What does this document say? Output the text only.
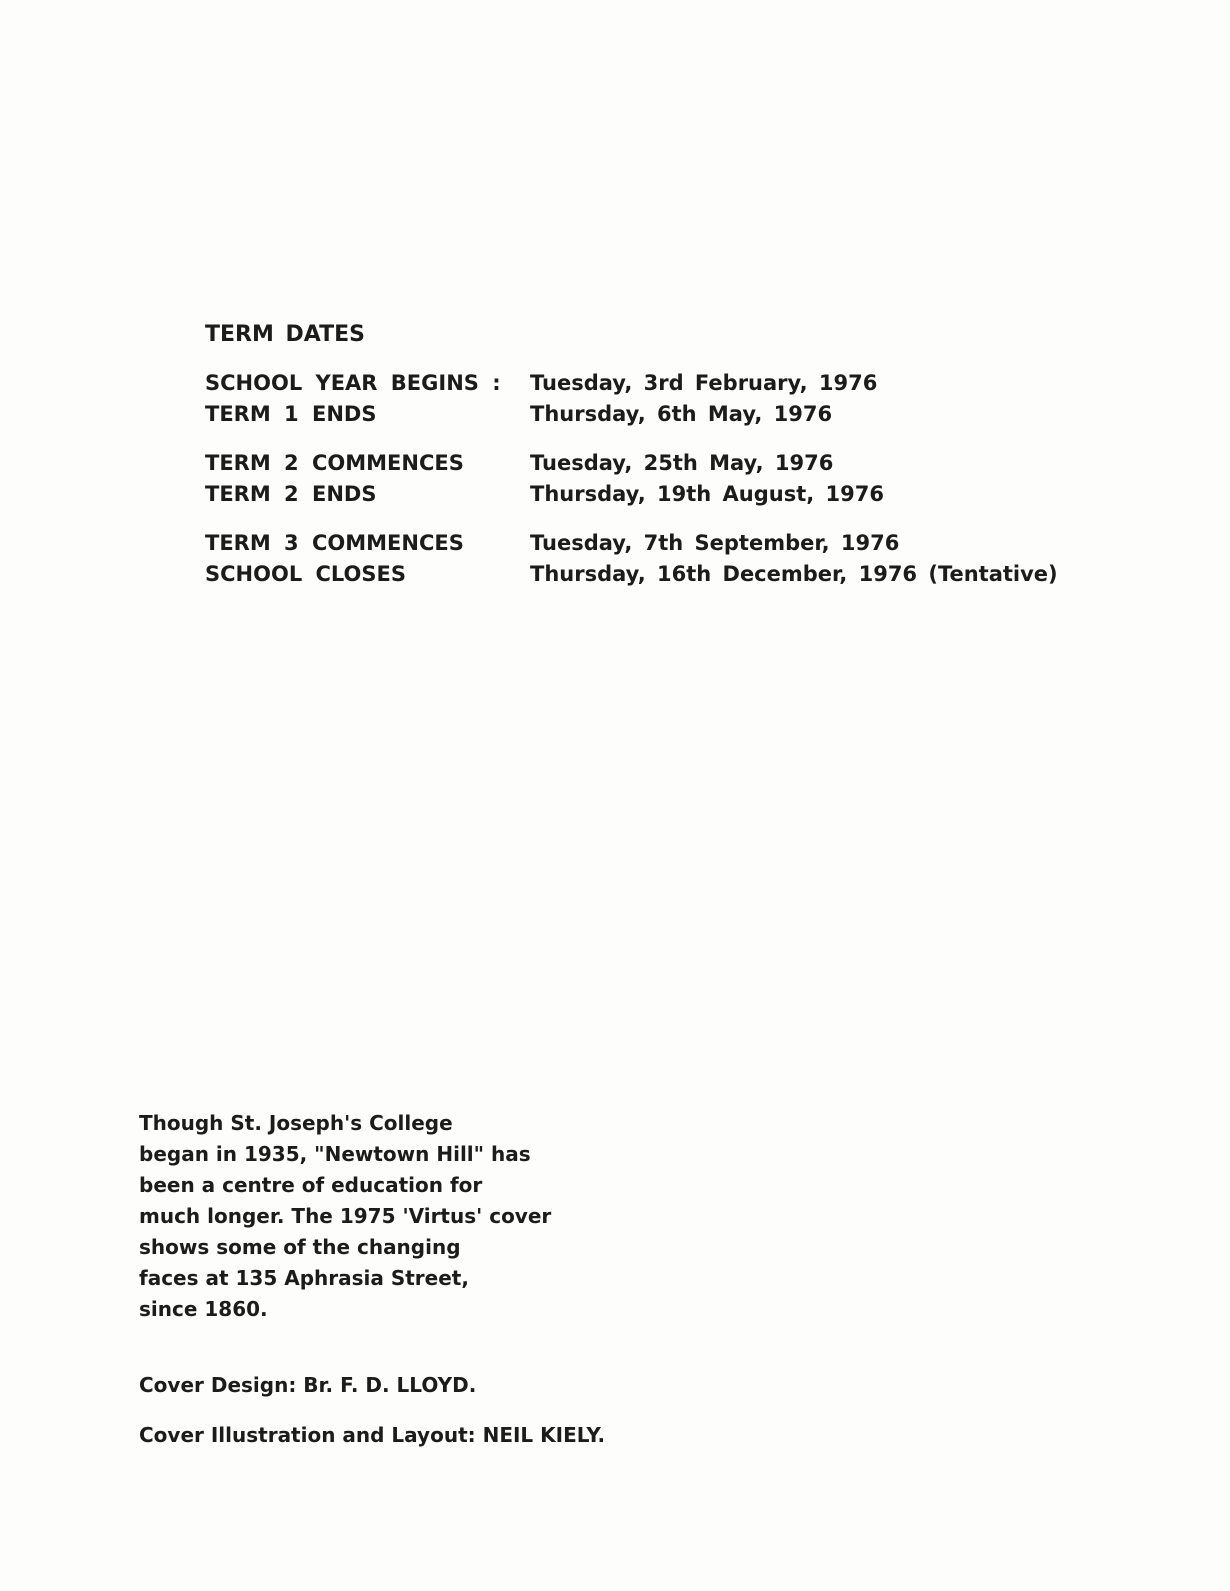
TERM DATES
SCHOOL YEAR BEGINS :	Tuesday, 3rd February, 1976
TERM 1 ENDS	Thursday, 6th May, 1976
TERM 2 COMMENCES	Tuesday, 25th May, 1976
TERM 2 ENDS	Thursday, 19th August, 1976
TERM 3 COMMENCES	Tuesday, 7th September, 1976
SCHOOL CLOSES	Thursday, 16th December, 1976 (Tentative)
Though St. Joseph's College
began in 1935, "Newtown Hill" has
been a centre of education for
much longer. The 1975 'Virtus' cover
shows some of the changing
faces at 135 Aphrasia Street,
since 1860.
Cover Design: Br. F. D. LLOYD.
Cover Illustration and Layout: NEIL KIELY.
